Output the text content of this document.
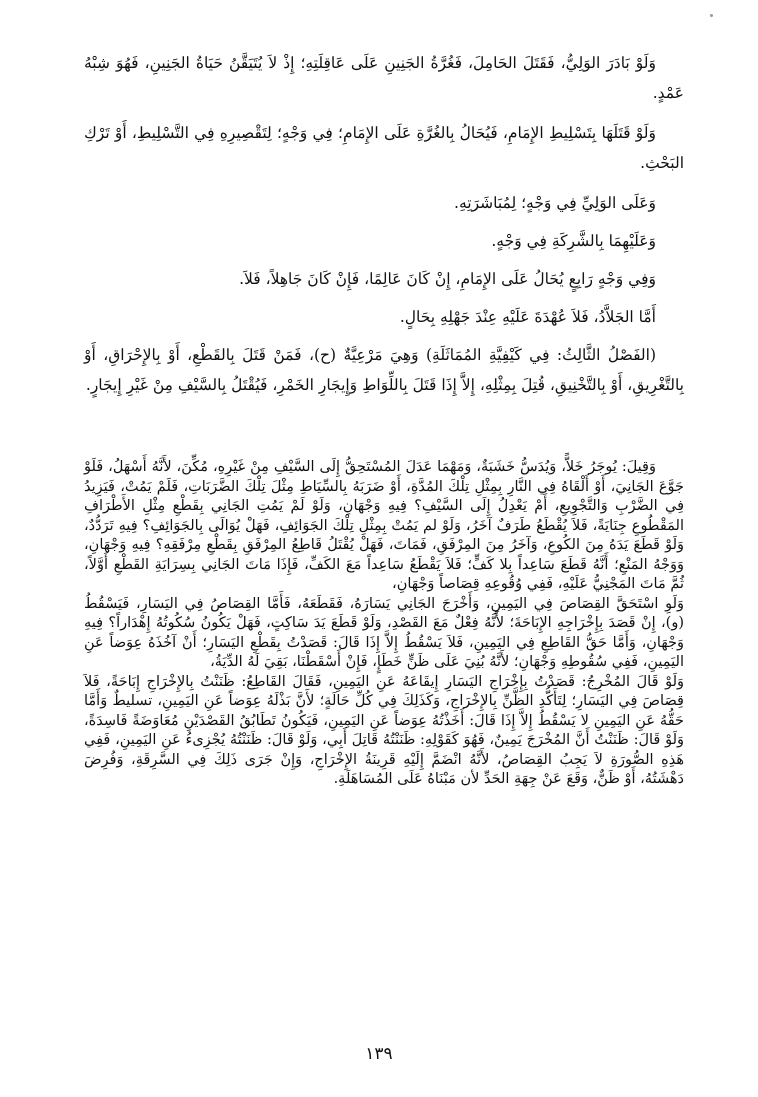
وَلَوْ بَادَرَ الوَلِيُّ، فَقَتَلَ الحَامِلَ، فَغُرَّةُ الجَنِينِ عَلَى عَاقِلَتِهِ؛ إِذْ لاَ يُتَيَقَّنُ حَيَاةُ الجَنِينِ، فَهُوَ شِبْهُ عَمْدٍ.

وَلَوْ قَتَلَهَا بِتَسْلِيطِ الإِمَامِ، فَيُحَالُ بِالغُرَّةِ عَلَى الإِمَامِ؛ فِي وَجْهٍ؛ لِتَقْصِيرِهِ فِي التَّسْلِيطِ، أَوْ تَرْكِ البَحْثِ.

وَعَلَى الوَلِيِّ فِي وَجْهٍ؛ لِمُبَاشَرَتِهِ.

وَعَلَيْهِمَا بِالشَّرِكَةِ فِي وَجْهٍ.

وَفِي وَجْهٍ رَابِعٍ يُحَالُ عَلَى الإِمَامِ، إِنْ كَانَ عَالِمًا، فَإِنْ كَانَ جَاهِلاً، فَلاَ.

أَمَّا الجَلاَّدُ، فَلاَ عُهْدَةَ عَلَيْهِ عِنْدَ جَهْلِهِ بِحَالٍ.

(الفَصْلُ الثَّالِثُ: فِي كَيْفِيَّةِ المُمَاثَلَةِ) وَهِيَ مَرْعِيَّةٌ (ح)، فَمَنْ قَتَلَ بِالقَطْعِ، أَوْ بِالإِحْرَاقِ، أَوْ بِالتَّغْرِيقِ، أَوْ بِالتَّخْنِيقِ، قُتِلَ بِمِثْلِهِ، إِلاَّ إِذَا قَتَلَ بِاللِّوَاطِ وَإِيجَارِ الخَمْرِ، فَيُقْتَلُ بِالسَّيْفِ مِنْ غَيْرِ إِيجَارٍ.

وَقِيلَ: يُوجَرُ خَلاًّ، وَيُدَسُّ خَشَبَةٌ، وَمَهْمَا عَدَلَ المُسْتَحِقُّ إِلَى السَّيْفِ مِنْ غَيْرِهِ، مُكِّنَ، لأَنَّهُ أَسْهَلُ، فَلَوْ جَوَّعَ الجَانِيَ، أَوْ أَلْقَاهُ فِي النَّارِ بِمِثْلِ تِلْكَ المُدَّةِ، أَوْ ضَرَبَهُ بِالسِّيَاطِ مِثْلَ تِلْكَ الضَّرَبَاتِ، فَلَمْ يَمُتْ، فَيَزِيدُ فِي الضَّرْبِ وَالتَّجْوِيعِ، أَمْ يَعْدِلُ إِلَى السَّيْفِ؟ فِيهِ وَجْهَانِ، وَلَوْ لَمْ يَمُتِ الجَانِي بِقَطْعِ مِثْلِ الأَطْرَافِ المَقْطُوعِ جِنَايَةً، فَلاَ يُقْطَعُ طَرَفٌ آخَرُ، وَلَوْ لم يَمُتْ بِمِثْلِ تِلْكَ الجَوَائِفِ، فَهَلْ يُوَالَى بِالجَوَائِفِ؟ فِيهِ تَرَدُّدٌ، وَلَوْ قَطَعَ يَدَهُ مِنَ الكُوعِ، وَآخَرُ مِنَ المِرْفَقِ، فَمَاتَ، فَهَلْ يُقْتَلُ قَاطِعُ المِرْفَقِ بِقَطْعِ مِرْفَقِهِ؟ فِيهِ وَجْهَانِ، وَوَجْهُ المَنْعِ؛ أَنَّهُ قَطَعَ سَاعِداً بِلا كَفٍّ؛ فَلاَ يَقْطَعُ سَاعِداً مَعَ الكَفِّ، فَإِذَا مَاتَ الجَانِي بِسِرَايَةِ القَطْعِ أَوَّلاً، ثُمَّ مَاتَ المَجْنِيُّ عَلَيْهِ، فَفِي وُقُوعِهِ قِصَاصاً وَجْهَانِ،

وَلَوِ اسْتَحَقَّ القِصَاصَ فِي اليَمِينِ، وَأَخْرَجَ الجَانِي يَسَارَهُ، فَقَطَعَهُ، فَأَمَّا القِصَاصُ فِي اليَسَارِ، فَيَسْقُطُ (و)، إِنْ قَصَدَ بِإِخْرَاجِهِ الإِبَاحَةَ؛ لأَنَّهُ فِعْلٌ مَعَ القَصْدِ، وَلَوْ قَطَعَ يَدَ سَاكِتٍ، فَهَلْ يَكُونُ سُكُوتُهُ إِهْدَاراً؟ فِيهِ وَجْهَانِ، وَأَمَّا حَقُّ القَاطِعِ فِي اليَمِينِ، فَلاَ يَسْقُطُ إِلاَّ إِذَا قَالَ: قَصَدْتُ بِقَطْعِ اليَسَارِ؛ أَنْ آخُذَهُ عِوَضاً عَنِ اليَمِينِ، فَفِي سُقُوطِهِ وَجْهَانِ؛ لأَنَّهُ بُنِيَ عَلَى ظَنٍّ خَطَإٍ، فَإِنْ أَسْقَطْنَا، بَقِيَ لَهُ الدِّيَةُ،

وَلَوْ قَالَ المُخْرِجُ: قَصَدْتُ بِإِخْرَاجِ اليَسَارِ إِيقَاعَهُ عَنِ اليَمِينِ، فَقَالَ القَاطِعُ: ظَنَنْتُ بِالإِخْرَاجِ إِبَاحَةً، فَلاَ قِصَاصَ فِي اليَسَارِ؛ لِتَأَكُّدِ الظَّنِّ بِالإِخْرَاجِ، وَكَذَلِكَ فِي كُلِّ حَالَةٍ؛ لأَنَّ بَذْلَهُ عِوَضاً عَنِ اليَمِينِ، تسليطٌ وَأَمَّا حَقُّهُ عَنِ اليَمِينِ لا يَسْقُطُ إِلاَّ إِذَا قَالَ: أَخَذْتُهُ عِوَضاً عَنِ اليَمِينِ، فَيَكُونُ تَطَابُقُ القَصْدَيْنِ مُعَاوَضَةً فَاسِدَةً، وَلَوْ قَالَ: ظَنَنْتُ أَنَّ المُخْرَجَ يَمِينٌ، فَهُوَ كَقَوْلِهِ: ظَنَنْتُهُ قَاتِلَ أَبِي، وَلَوْ قَالَ: ظَنَنْتُهُ يُجْزِىءُ عَنِ اليَمِينِ، فَفِي هَذِهِ الصُّورَةِ لاَ يَجِبُ القِصَاصُ، لأَنَّهُ انْضَمَّ إِلَيْهِ قَرِينَةُ الإِخْرَاجِ، وَإِنْ جَرَى ذَلِكَ فِي السَّرِقَةِ، وَفُرِضَ دَهْشَتُهُ، أَوْ ظَنٌّ، وَقَعَ عَنْ جِهَةِ الحَدِّ لأن مَبْنَاهُ عَلَى المُسَاهَلَةِ.

١٣٩
